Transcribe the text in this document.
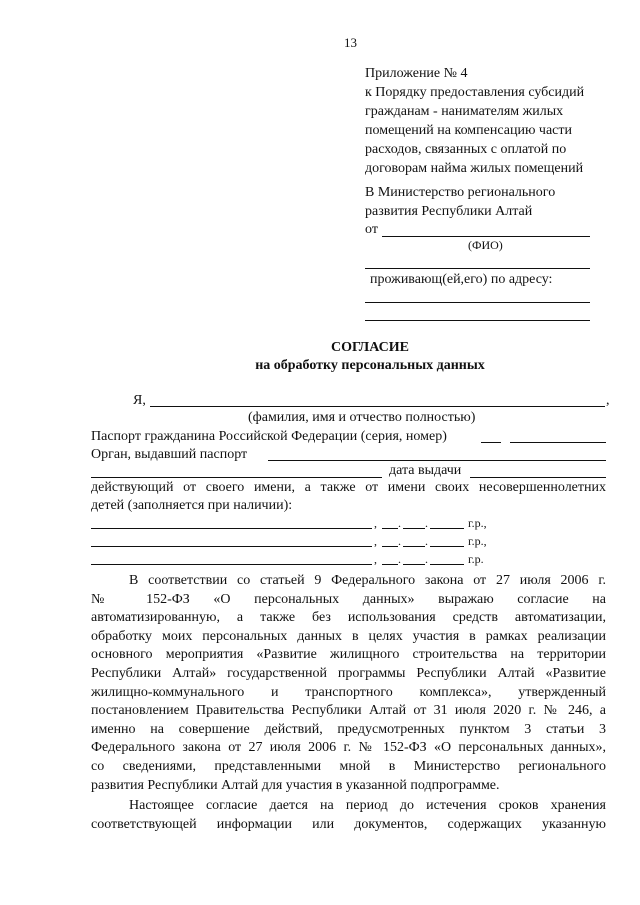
13
Приложение № 4
к Порядку предоставления субсидий
гражданам - нанимателям жилых
помещений на компенсацию части
расходов, связанных с оплатой по
договорам найма жилых помещений
В Министерство регионального
развития Республики Алтай
от
(ФИО)
проживающ(ей,его) по адресу:
СОГЛАСИЕ
на обработку персональных данных
Я,	,
(фамилия, имя и отчество полностью)
Паспорт гражданина Российской Федерации (серия, номер)
Орган, выдавший паспорт
дата выдачи
действующий от своего имени, а также от имени своих несовершеннолетних
детей (заполняется при наличии):
, . .	г.р.,
, . .	г.р.,
, . .	г.р.
В соответствии со статьей 9 Федерального закона от 27 июля 2006 г.
№ 152-ФЗ «О персональных данных» выражаю согласие на
автоматизированную, а также без использования средств автоматизации,
обработку моих персональных данных в целях участия в рамках реализации
основного мероприятия «Развитие жилищного строительства на территории
Республики Алтай» государственной программы Республики Алтай «Развитие
жилищно-коммунального и транспортного комплекса», утвержденный
постановлением Правительства Республики Алтай от 31 июля 2020 г. № 246, а
именно на совершение действий, предусмотренных пунктом 3 статьи 3
Федерального закона от 27 июля 2006 г. № 152-ФЗ «О персональных данных»,
со сведениями, представленными мной в Министерство регионального
развития Республики Алтай для участия в указанной подпрограмме.
Настоящее согласие дается на период до истечения сроков хранения
соответствующей информации или документов, содержащих указанную
